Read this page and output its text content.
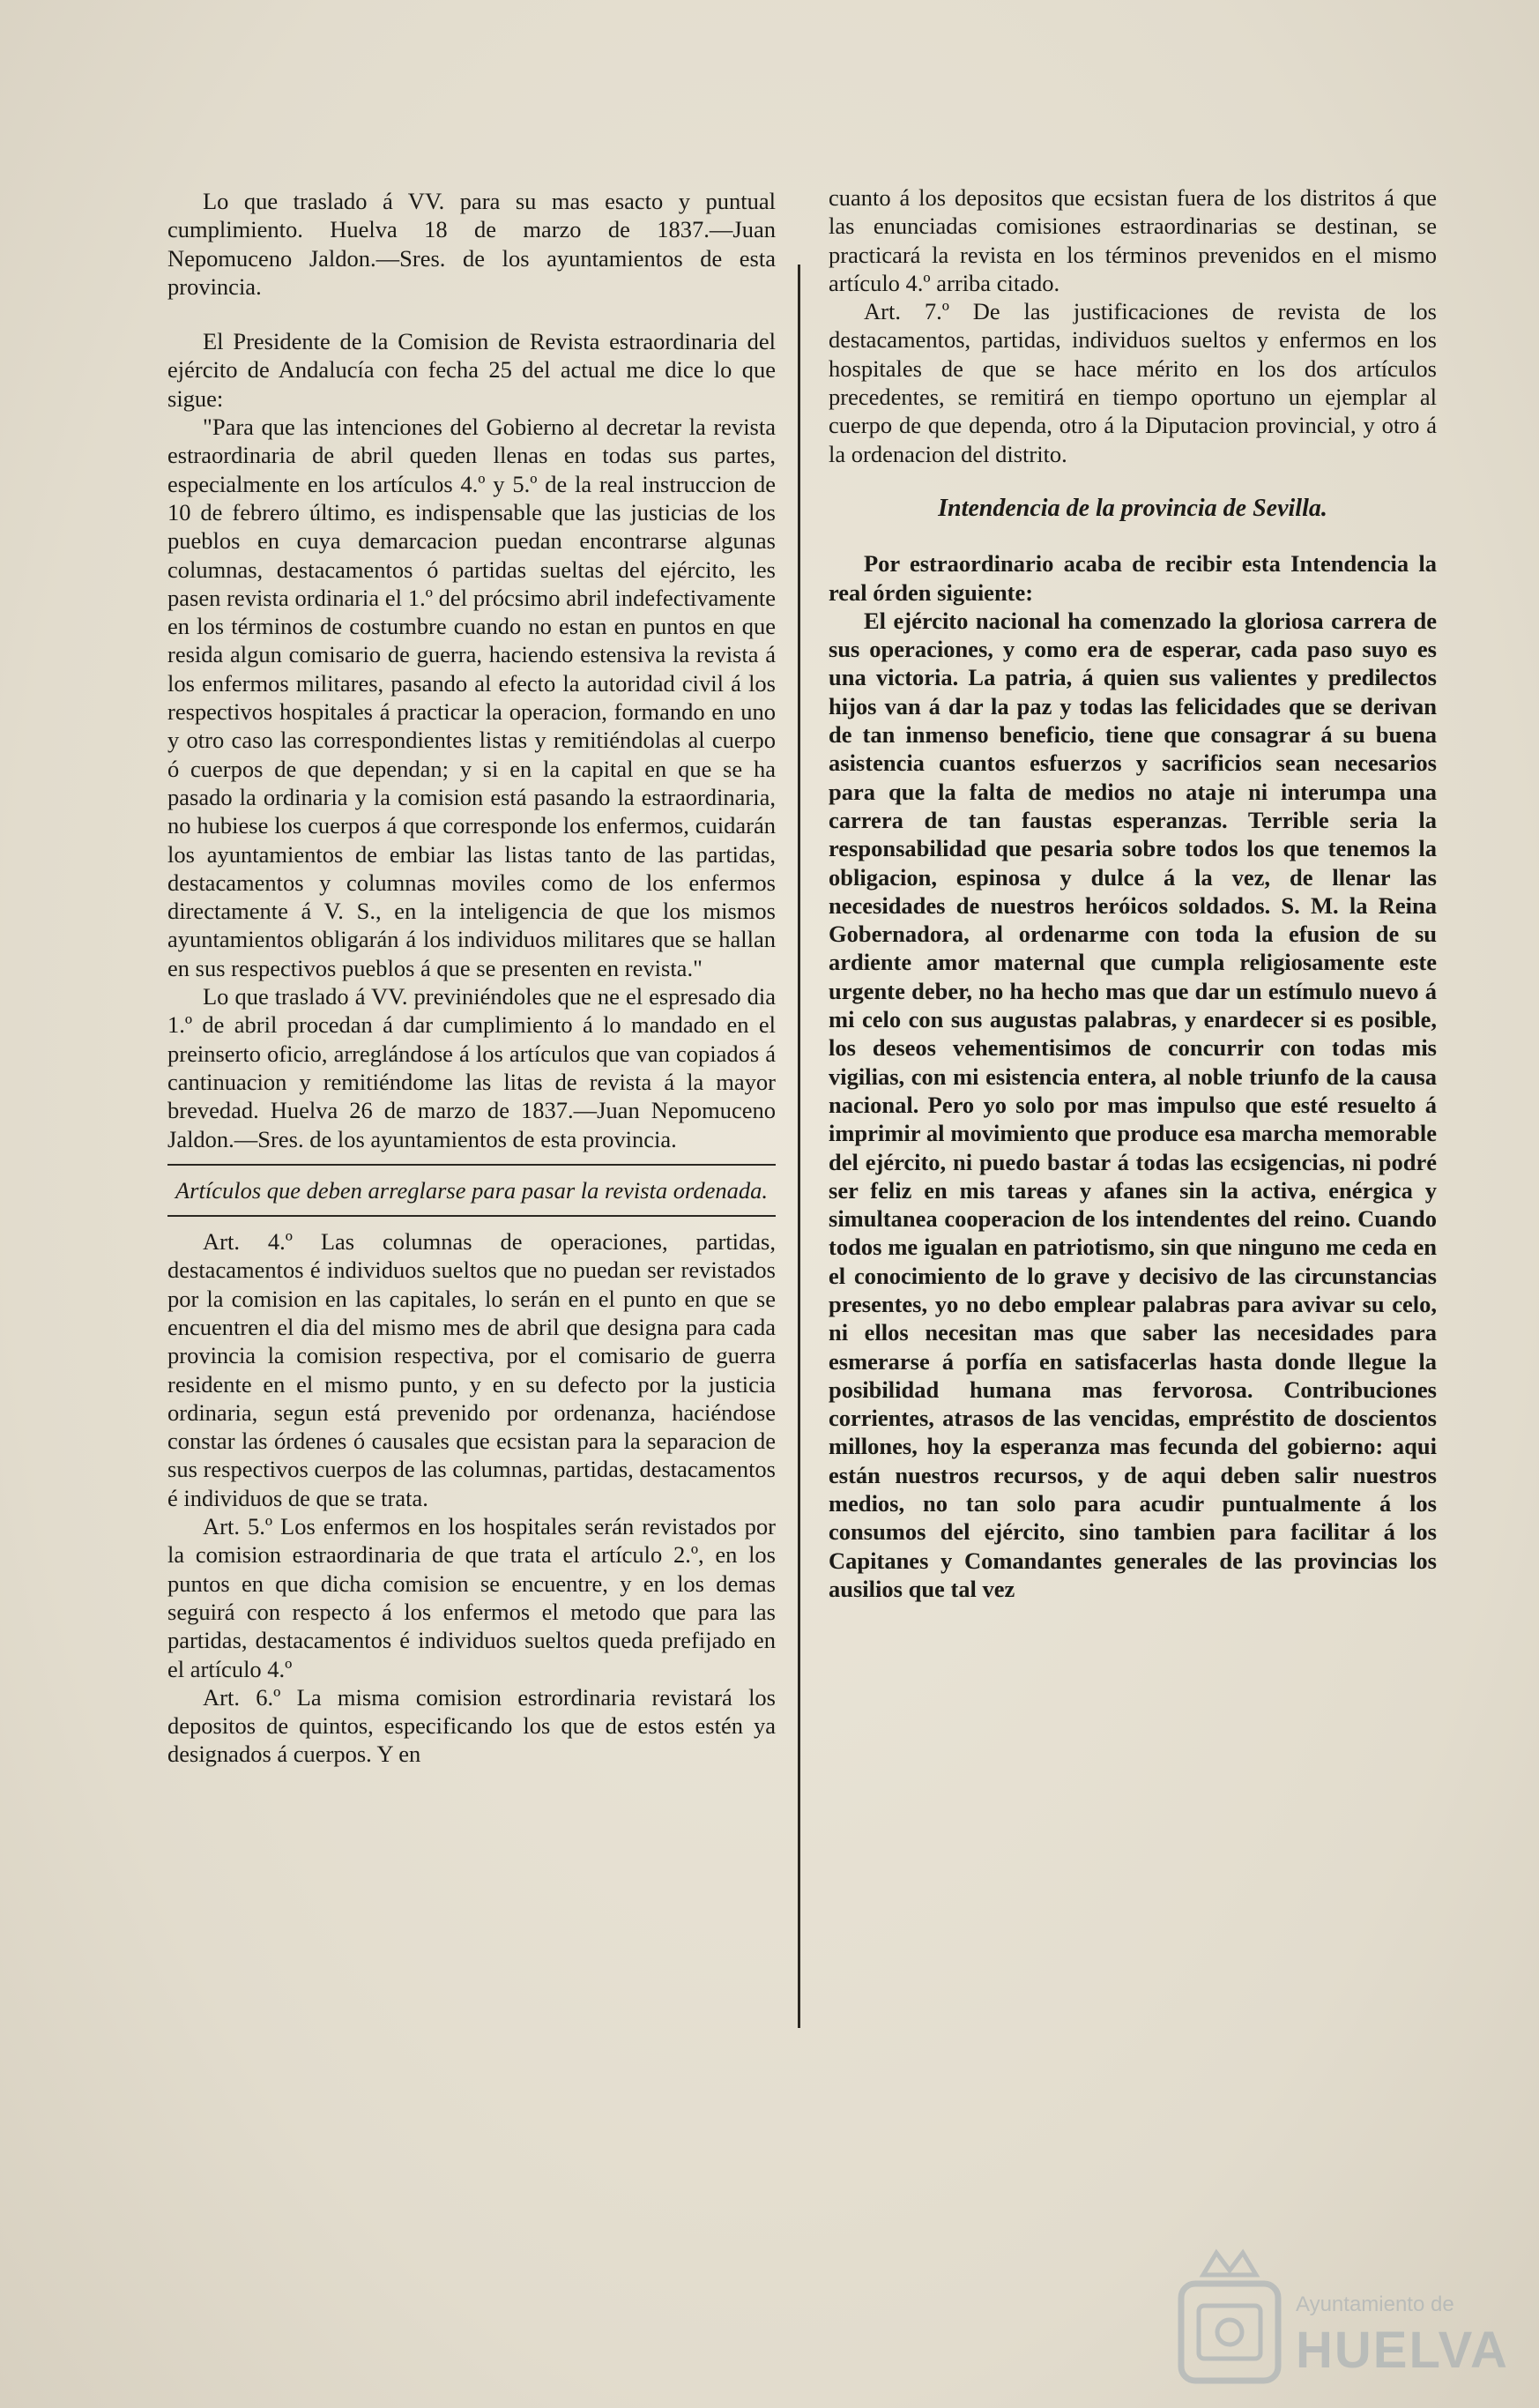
Lo que traslado á VV. para su mas esacto y puntual cumplimiento. Huelva 18 de marzo de 1837.—Juan Nepomuceno Jaldon.—Sres. de los ayuntamientos de esta provincia.

El Presidente de la Comision de Revista estraordinaria del ejército de Andalucía con fecha 25 del actual me dice lo que sigue:

"Para que las intenciones del Gobierno al decretar la revista estraordinaria de abril queden llenas en todas sus partes, especialmente en los artículos 4.º y 5.º de la real instruccion de 10 de febrero último, es indispensable que las justicias de los pueblos en cuya demarcacion puedan encontrarse algunas columnas, destacamentos ó partidas sueltas del ejército, les pasen revista ordinaria el 1.º del prócsimo abril indefectivamente en los términos de costumbre cuando no estan en puntos en que resida algun comisario de guerra, haciendo estensiva la revista á los enfermos militares, pasando al efecto la autoridad civil á los respectivos hospitales á practicar la operacion, formando en uno y otro caso las correspondientes listas y remitiéndolas al cuerpo ó cuerpos de que dependan; y si en la capital en que se ha pasado la ordinaria y la comision está pasando la estraordinaria, no hubiese los cuerpos á que corresponde los enfermos, cuidarán los ayuntamientos de embiar las listas tanto de las partidas, destacamentos y columnas moviles como de los enfermos directamente á V. S., en la inteligencia de que los mismos ayuntamientos obligarán á los individuos militares que se hallan en sus respectivos pueblos á que se presenten en revista."

Lo que traslado á VV. previniéndoles que ne el espresado dia 1.º de abril procedan á dar cumplimiento á lo mandado en el preinserto oficio, arreglándose á los artículos que van copiados á cantinuacion y remitiéndome las litas de revista á la mayor brevedad. Huelva 26 de marzo de 1837.—Juan Nepomuceno Jaldon.—Sres. de los ayuntamientos de esta provincia.

Artículos que deben arreglarse para pasar la revista ordenada.

Art. 4.º Las columnas de operaciones, partidas, destacamentos é individuos sueltos que no puedan ser revistados por la comision en las capitales, lo serán en el punto en que se encuentren el dia del mismo mes de abril que designa para cada provincia la comision respectiva, por el comisario de guerra residente en el mismo punto, y en su defecto por la justicia ordinaria, segun está prevenido por ordenanza, haciéndose constar las órdenes ó causales que ecsistan para la separacion de sus respectivos cuerpos de las columnas, partidas, destacamentos é individuos de que se trata.

Art. 5.º Los enfermos en los hospitales serán revistados por la comision estraordinaria de que trata el artículo 2.º, en los puntos en que dicha comision se encuentre, y en los demas seguirá con respecto á los enfermos el metodo que para las partidas, destacamentos é individuos sueltos queda prefijado en el artículo 4.º

Art. 6.º La misma comision estrordinaria revistará los depositos de quintos, especificando los que de estos estén ya designados á cuerpos. Y en

cuanto á los depositos que ecsistan fuera de los distritos á que las enunciadas comisiones estraordinarias se destinan, se practicará la revista en los términos prevenidos en el mismo artículo 4.º arriba citado.

Art. 7.º De las justificaciones de revista de los destacamentos, partidas, individuos sueltos y enfermos en los hospitales de que se hace mérito en los dos artículos precedentes, se remitirá en tiempo oportuno un ejemplar al cuerpo de que dependa, otro á la Diputacion provincial, y otro á la ordenacion del distrito.

Intendencia de la provincia de Sevilla.

Por estraordinario acaba de recibir esta Intendencia la real órden siguiente:

El ejército nacional ha comenzado la gloriosa carrera de sus operaciones, y como era de esperar, cada paso suyo es una victoria. La patria, á quien sus valientes y predilectos hijos van á dar la paz y todas las felicidades que se derivan de tan inmenso beneficio, tiene que consagrar á su buena asistencia cuantos esfuerzos y sacrificios sean necesarios para que la falta de medios no ataje ni interumpa una carrera de tan faustas esperanzas. Terrible seria la responsabilidad que pesaria sobre todos los que tenemos la obligacion, espinosa y dulce á la vez, de llenar las necesidades de nuestros heróicos soldados. S. M. la Reina Gobernadora, al ordenarme con toda la efusion de su ardiente amor maternal que cumpla religiosamente este urgente deber, no ha hecho mas que dar un estímulo nuevo á mi celo con sus augustas palabras, y enardecer si es posible, los deseos vehementisimos de concurrir con todas mis vigilias, con mi esistencia entera, al noble triunfo de la causa nacional. Pero yo solo por mas impulso que esté resuelto á imprimir al movimiento que produce esa marcha memorable del ejército, ni puedo bastar á todas las ecsigencias, ni podré ser feliz en mis tareas y afanes sin la activa, enérgica y simultanea cooperacion de los intendentes del reino. Cuando todos me igualan en patriotismo, sin que ninguno me ceda en el conocimiento de lo grave y decisivo de las circunstancias presentes, yo no debo emplear palabras para avivar su celo, ni ellos necesitan mas que saber las necesidades para esmerarse á porfía en satisfacerlas hasta donde llegue la posibilidad humana mas fervorosa. Contribuciones corrientes, atrasos de las vencidas, empréstito de doscientos millones, hoy la esperanza mas fecunda del gobierno: aqui están nuestros recursos, y de aqui deben salir nuestros medios, no tan solo para acudir puntualmente á los consumos del ejército, sino tambien para facilitar á los Capitanes y Comandantes generales de las provincias los ausilios que tal vez

Ayuntamiento de
HUELVA
